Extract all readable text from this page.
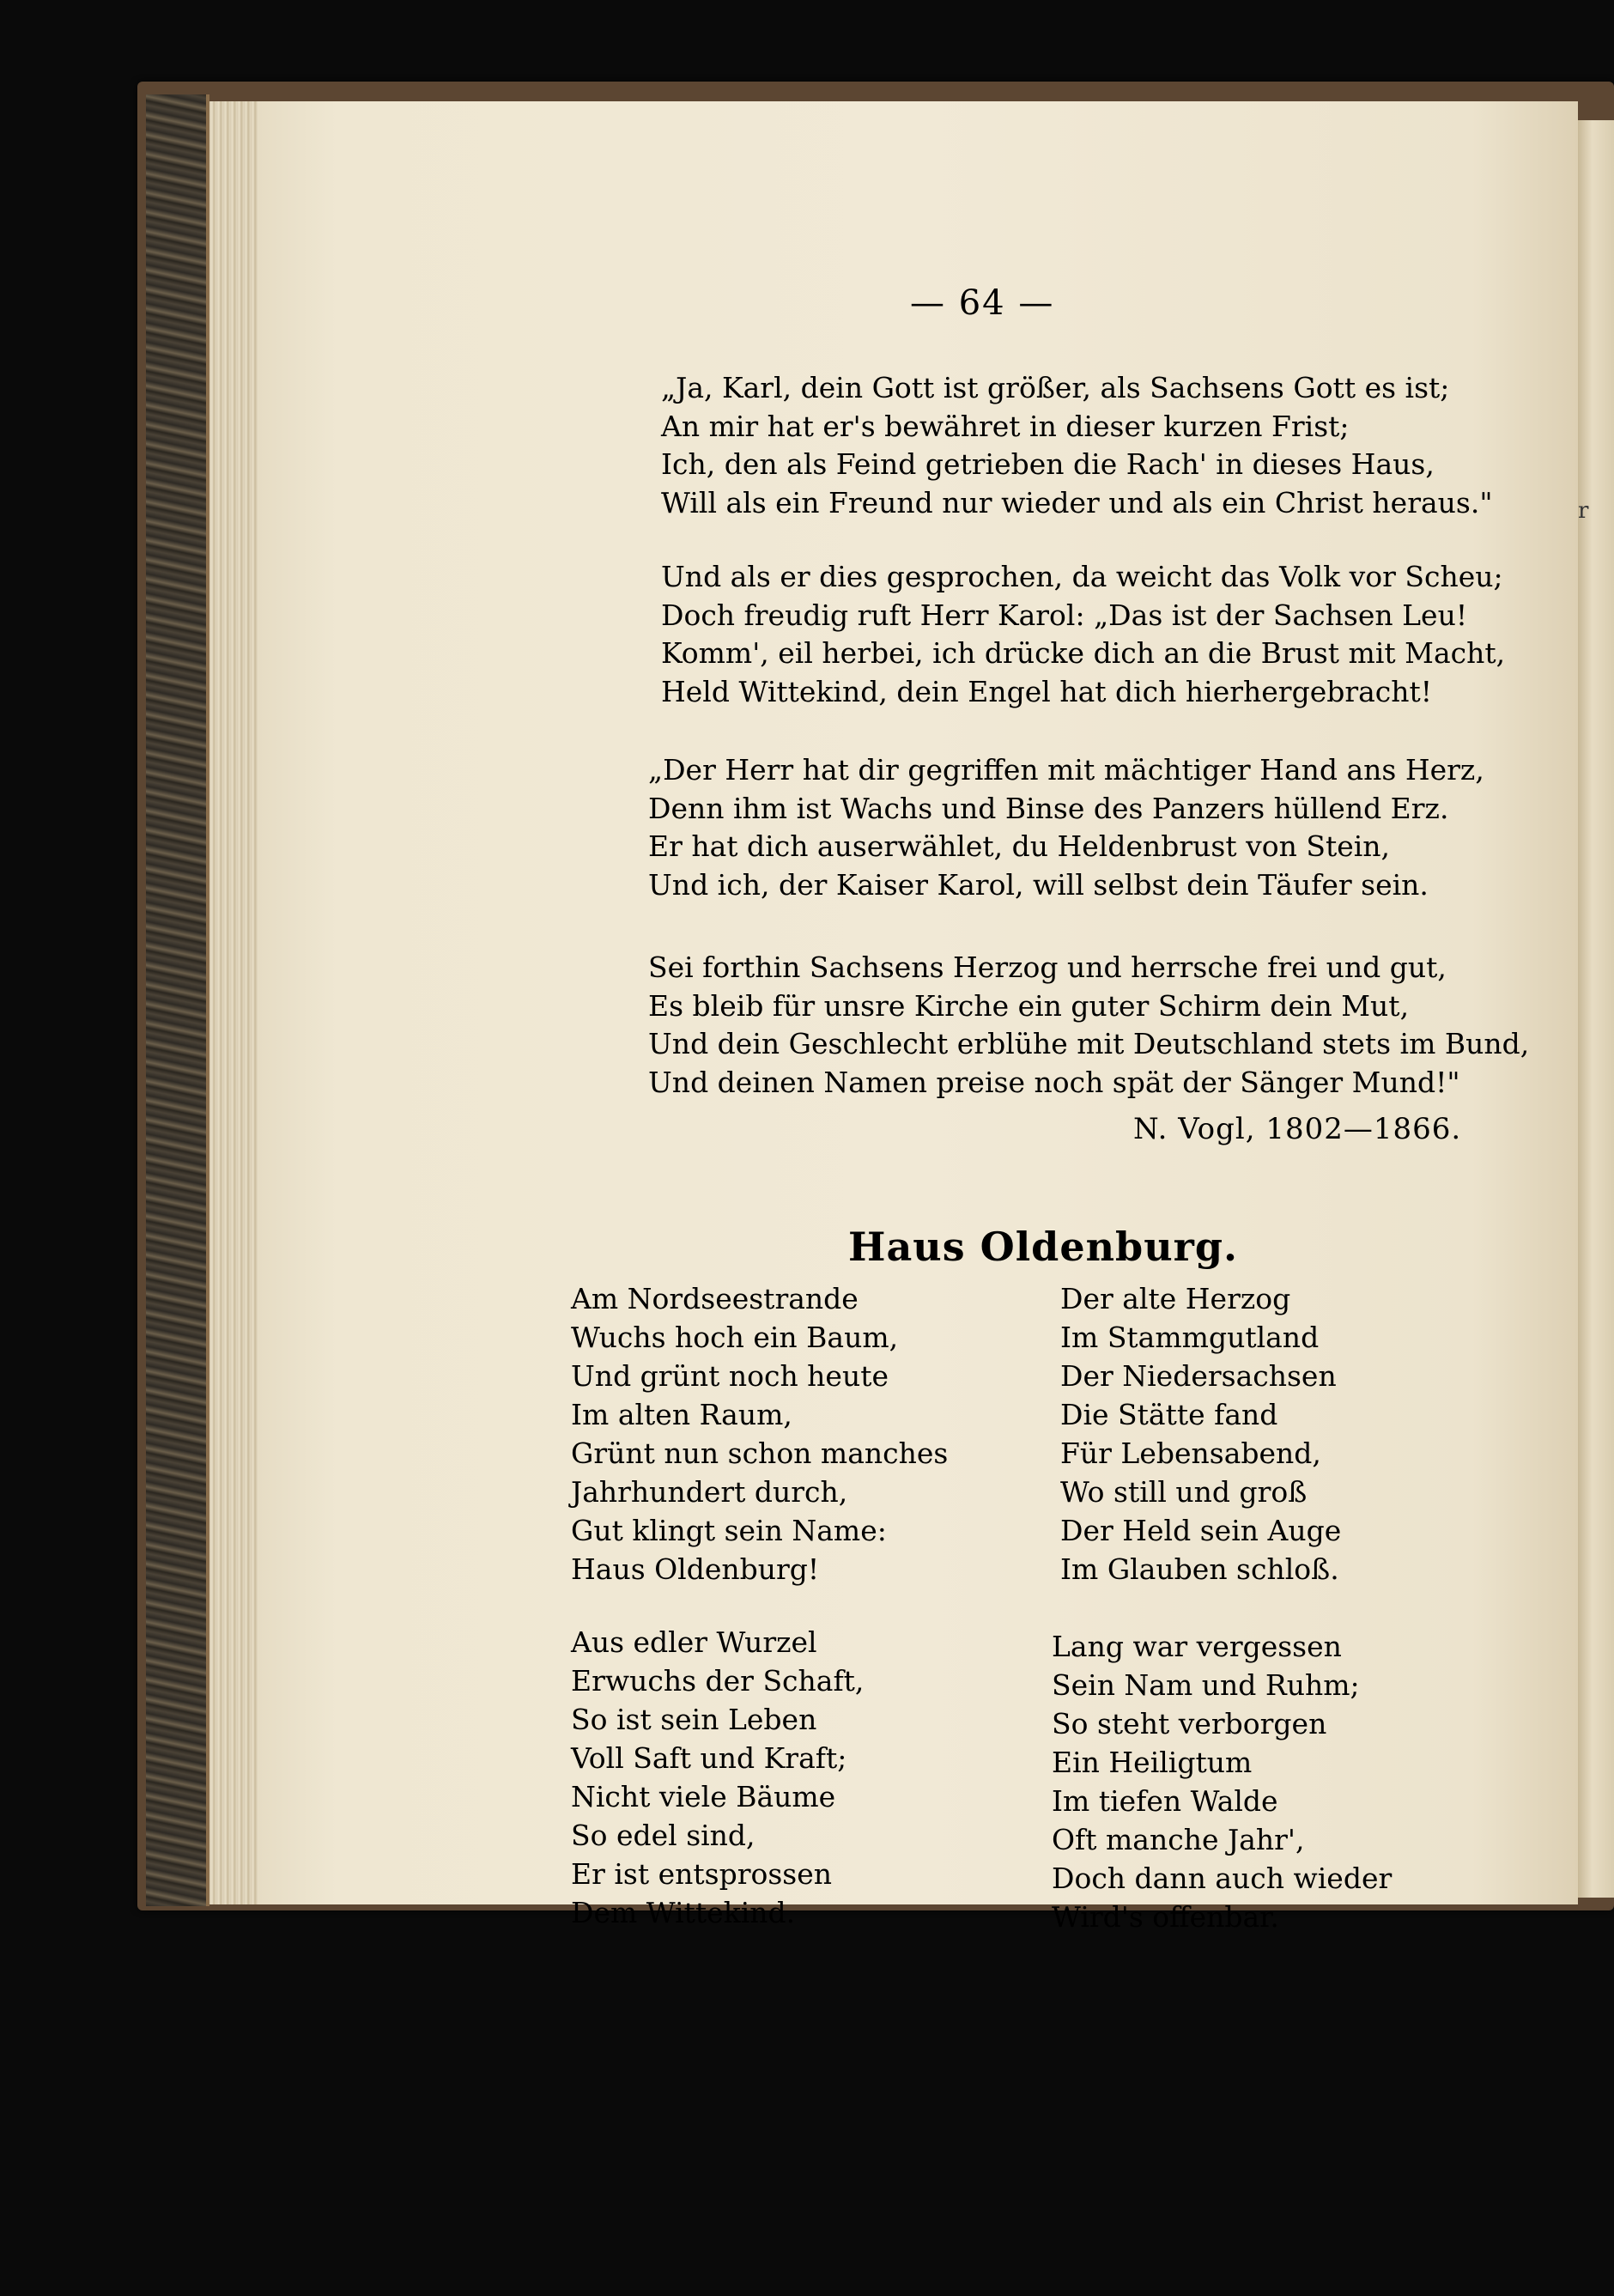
r
— 64 —
„Ja, Karl, dein Gott ist größer, als Sachsens Gott es ist;
An mir hat er's bewähret in dieser kurzen Frist;
Ich, den als Feind getrieben die Rach' in dieses Haus,
Will als ein Freund nur wieder und als ein Christ heraus."
Und als er dies gesprochen, da weicht das Volk vor Scheu;
Doch freudig ruft Herr Karol: „Das ist der Sachsen Leu!
Komm', eil herbei, ich drücke dich an die Brust mit Macht,
Held Wittekind, dein Engel hat dich hierhergebracht!
„Der Herr hat dir gegriffen mit mächtiger Hand ans Herz,
Denn ihm ist Wachs und Binse des Panzers hüllend Erz.
Er hat dich auserwählet, du Heldenbrust von Stein,
Und ich, der Kaiser Karol, will selbst dein Täufer sein.
Sei forthin Sachsens Herzog und herrsche frei und gut,
Es bleib für unsre Kirche ein guter Schirm dein Mut,
Und dein Geschlecht erblühe mit Deutschland stets im Bund,
Und deinen Namen preise noch spät der Sänger Mund!"
N. Vogl, 1802—1866.
Haus Oldenburg.
Am Nordseestrande
Wuchs hoch ein Baum,
Und grünt noch heute
Im alten Raum,
Grünt nun schon manches
Jahrhundert durch,
Gut klingt sein Name:
Haus Oldenburg!
Der alte Herzog
Im Stammgutland
Der Niedersachsen
Die Stätte fand
Für Lebensabend,
Wo still und groß
Der Held sein Auge
Im Glauben schloß.
Aus edler Wurzel
Erwuchs der Schaft,
So ist sein Leben
Voll Saft und Kraft;
Nicht viele Bäume
So edel sind,
Er ist entsprossen
Dem Wittekind.
Lang war vergessen
Sein Nam und Ruhm;
So steht verborgen
Ein Heiligtum
Im tiefen Walde
Oft manche Jahr',
Doch dann auch wieder
Wird's offenbar.
